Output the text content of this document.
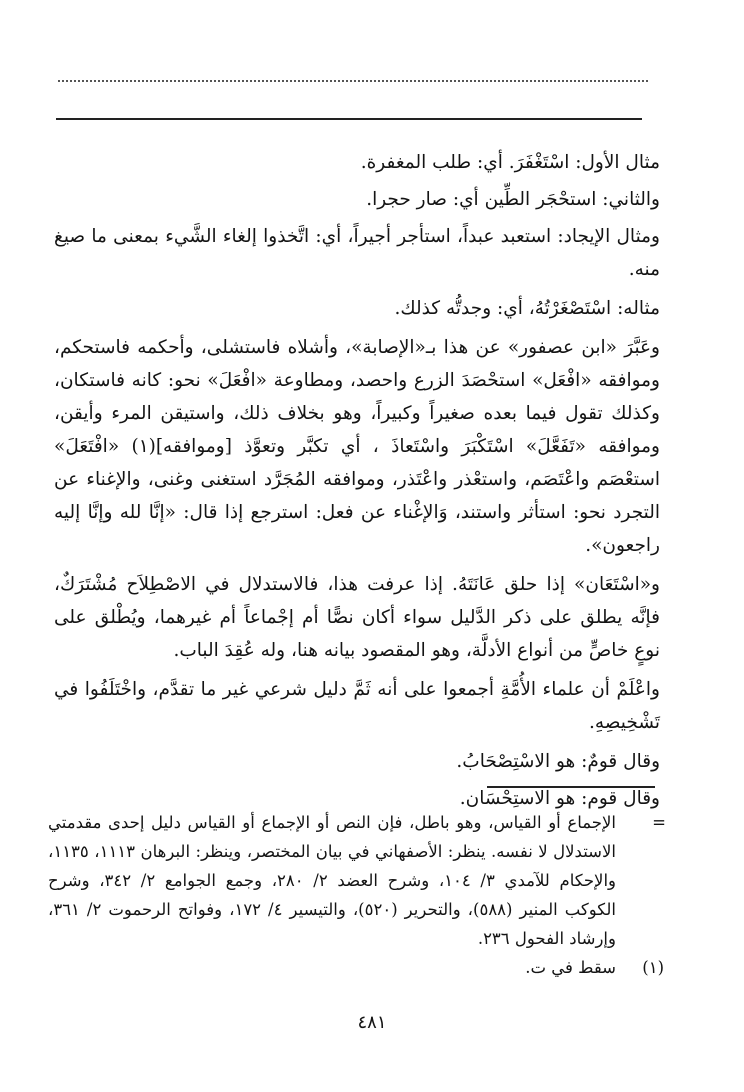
مثال الأول: اسْتَغْفَرَ. أي: طلب المغفرة.

والثاني: استحْجَر الطِّين أي: صار حجرا.

ومثال الإيجاد: استعبد عبداً، استأجر أجيراً، أي: اتَّخذوا إلغاء الشَّيء بمعنى ما صيغ منه.

مثاله: اسْتَصْغَرْتُهُ، أي: وجدتُّه كذلك.

وعَبَّرَ «ابن عصفور» عن هذا بـ«الإصابة»، وأشلاه فاستشلى، وأحكمه فاستحكم، وموافقه «افْعَل» استحْصَدَ الزرع واحصد، ومطاوعة «افْعَلَ» نحو: كانه فاستكان، وكذلك تقول فيما بعده صغيراً وكبيراً، وهو بخلاف ذلك، واستيقن المرء وأيقن، وموافقه «تَفَعَّلَ» اسْتَكْبَرَ واسْتَعاذَ ، أي تكبَّر وتعوَّذ [وموافقه](١) «افْتَعَلَ» استعْصَم واعْتَصَم، واستعْذر واعْتَذر، وموافقه المُجَرَّد استغنى وغنى، والإغناء عن التجرد نحو: استأثر واستند، وَالإغْناء عن فعل: استرجع إذا قال: «إنَّا لله وإنَّا إليه راجعون».

و«اسْتَعَان» إذا حلق عَانَتَهُ. إذا عرفت هذا، فالاستدلال في الاصْطِلاَح مُشْتَرَكٌ، فإنَّه يطلق على ذكر الدَّليل سواء أكان نصًّا أم إجْماعاً أم غيرهما، ويُطْلق على نوعٍ خاصٍّ من أنواع الأدلَّة، وهو المقصود بيانه هنا، وله عُقِدَ الباب.

واعْلَمْ أن علماء الأُمَّةِ أجمعوا على أنه ثَمَّ دليل شرعي غير ما تقدَّم، واخْتَلَفُوا في تَشْخِيصِهِ.

وقال قومٌ: هو الاسْتِصْحَابُ.

وقال قوم: هو الاستِحْسَان.

=
الإجماع أو القياس، وهو باطل، فإن النص أو الإجماع أو القياس دليل إحدى مقدمتي الاستدلال لا نفسه. ينظر: الأصفهاني في بيان المختصر، وينظر: البرهان ١١١٣، ١١٣٥، والإحكام للآمدي ٣/ ١٠٤، وشرح العضد ٢/ ٢٨٠، وجمع الجوامع ٢/ ٣٤٢، وشرح الكوكب المنير (٥٨٨)، والتحرير (٥٢٠)، والتيسير ٤/ ١٧٢، وفواتح الرحموت ٢/ ٣٦١، وإرشاد الفحول ٢٣٦.
(١)
سقط في ت.
٤٨١
